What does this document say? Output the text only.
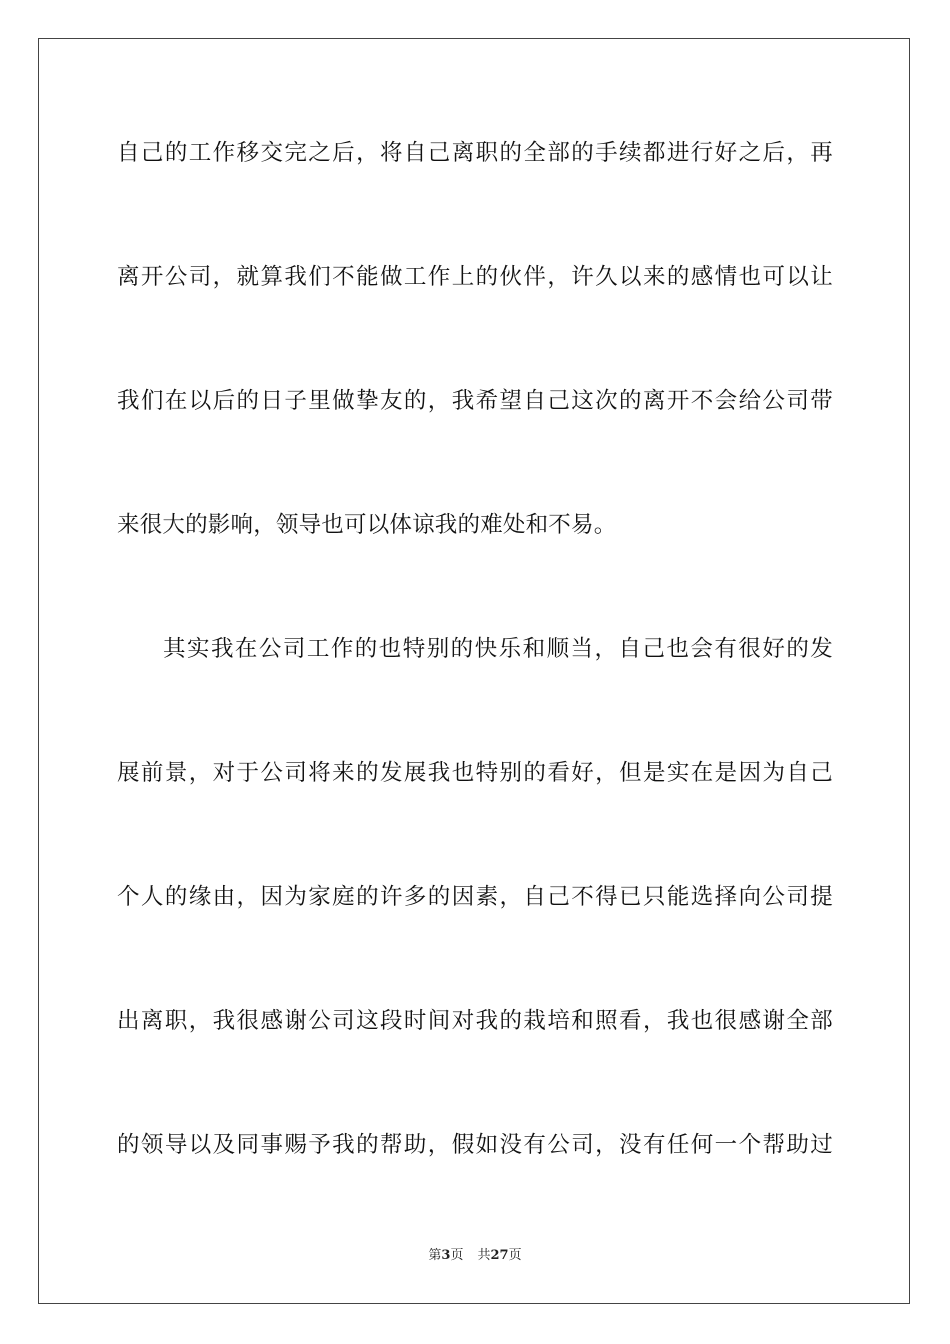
自己的工作移交完之后，将自己离职的全部的手续都进行好之后，再
离开公司，就算我们不能做工作上的伙伴，许久以来的感情也可以让
我们在以后的日子里做挚友的，我希望自己这次的离开不会给公司带
来很大的影响，领导也可以体谅我的难处和不易。
其实我在公司工作的也特别的快乐和顺当，自己也会有很好的发
展前景，对于公司将来的发展我也特别的看好，但是实在是因为自己
个人的缘由，因为家庭的许多的因素，自己不得已只能选择向公司提
出离职，我很感谢公司这段时间对我的栽培和照看，我也很感谢全部
的领导以及同事赐予我的帮助，假如没有公司，没有任何一个帮助过
第3页 共27页
